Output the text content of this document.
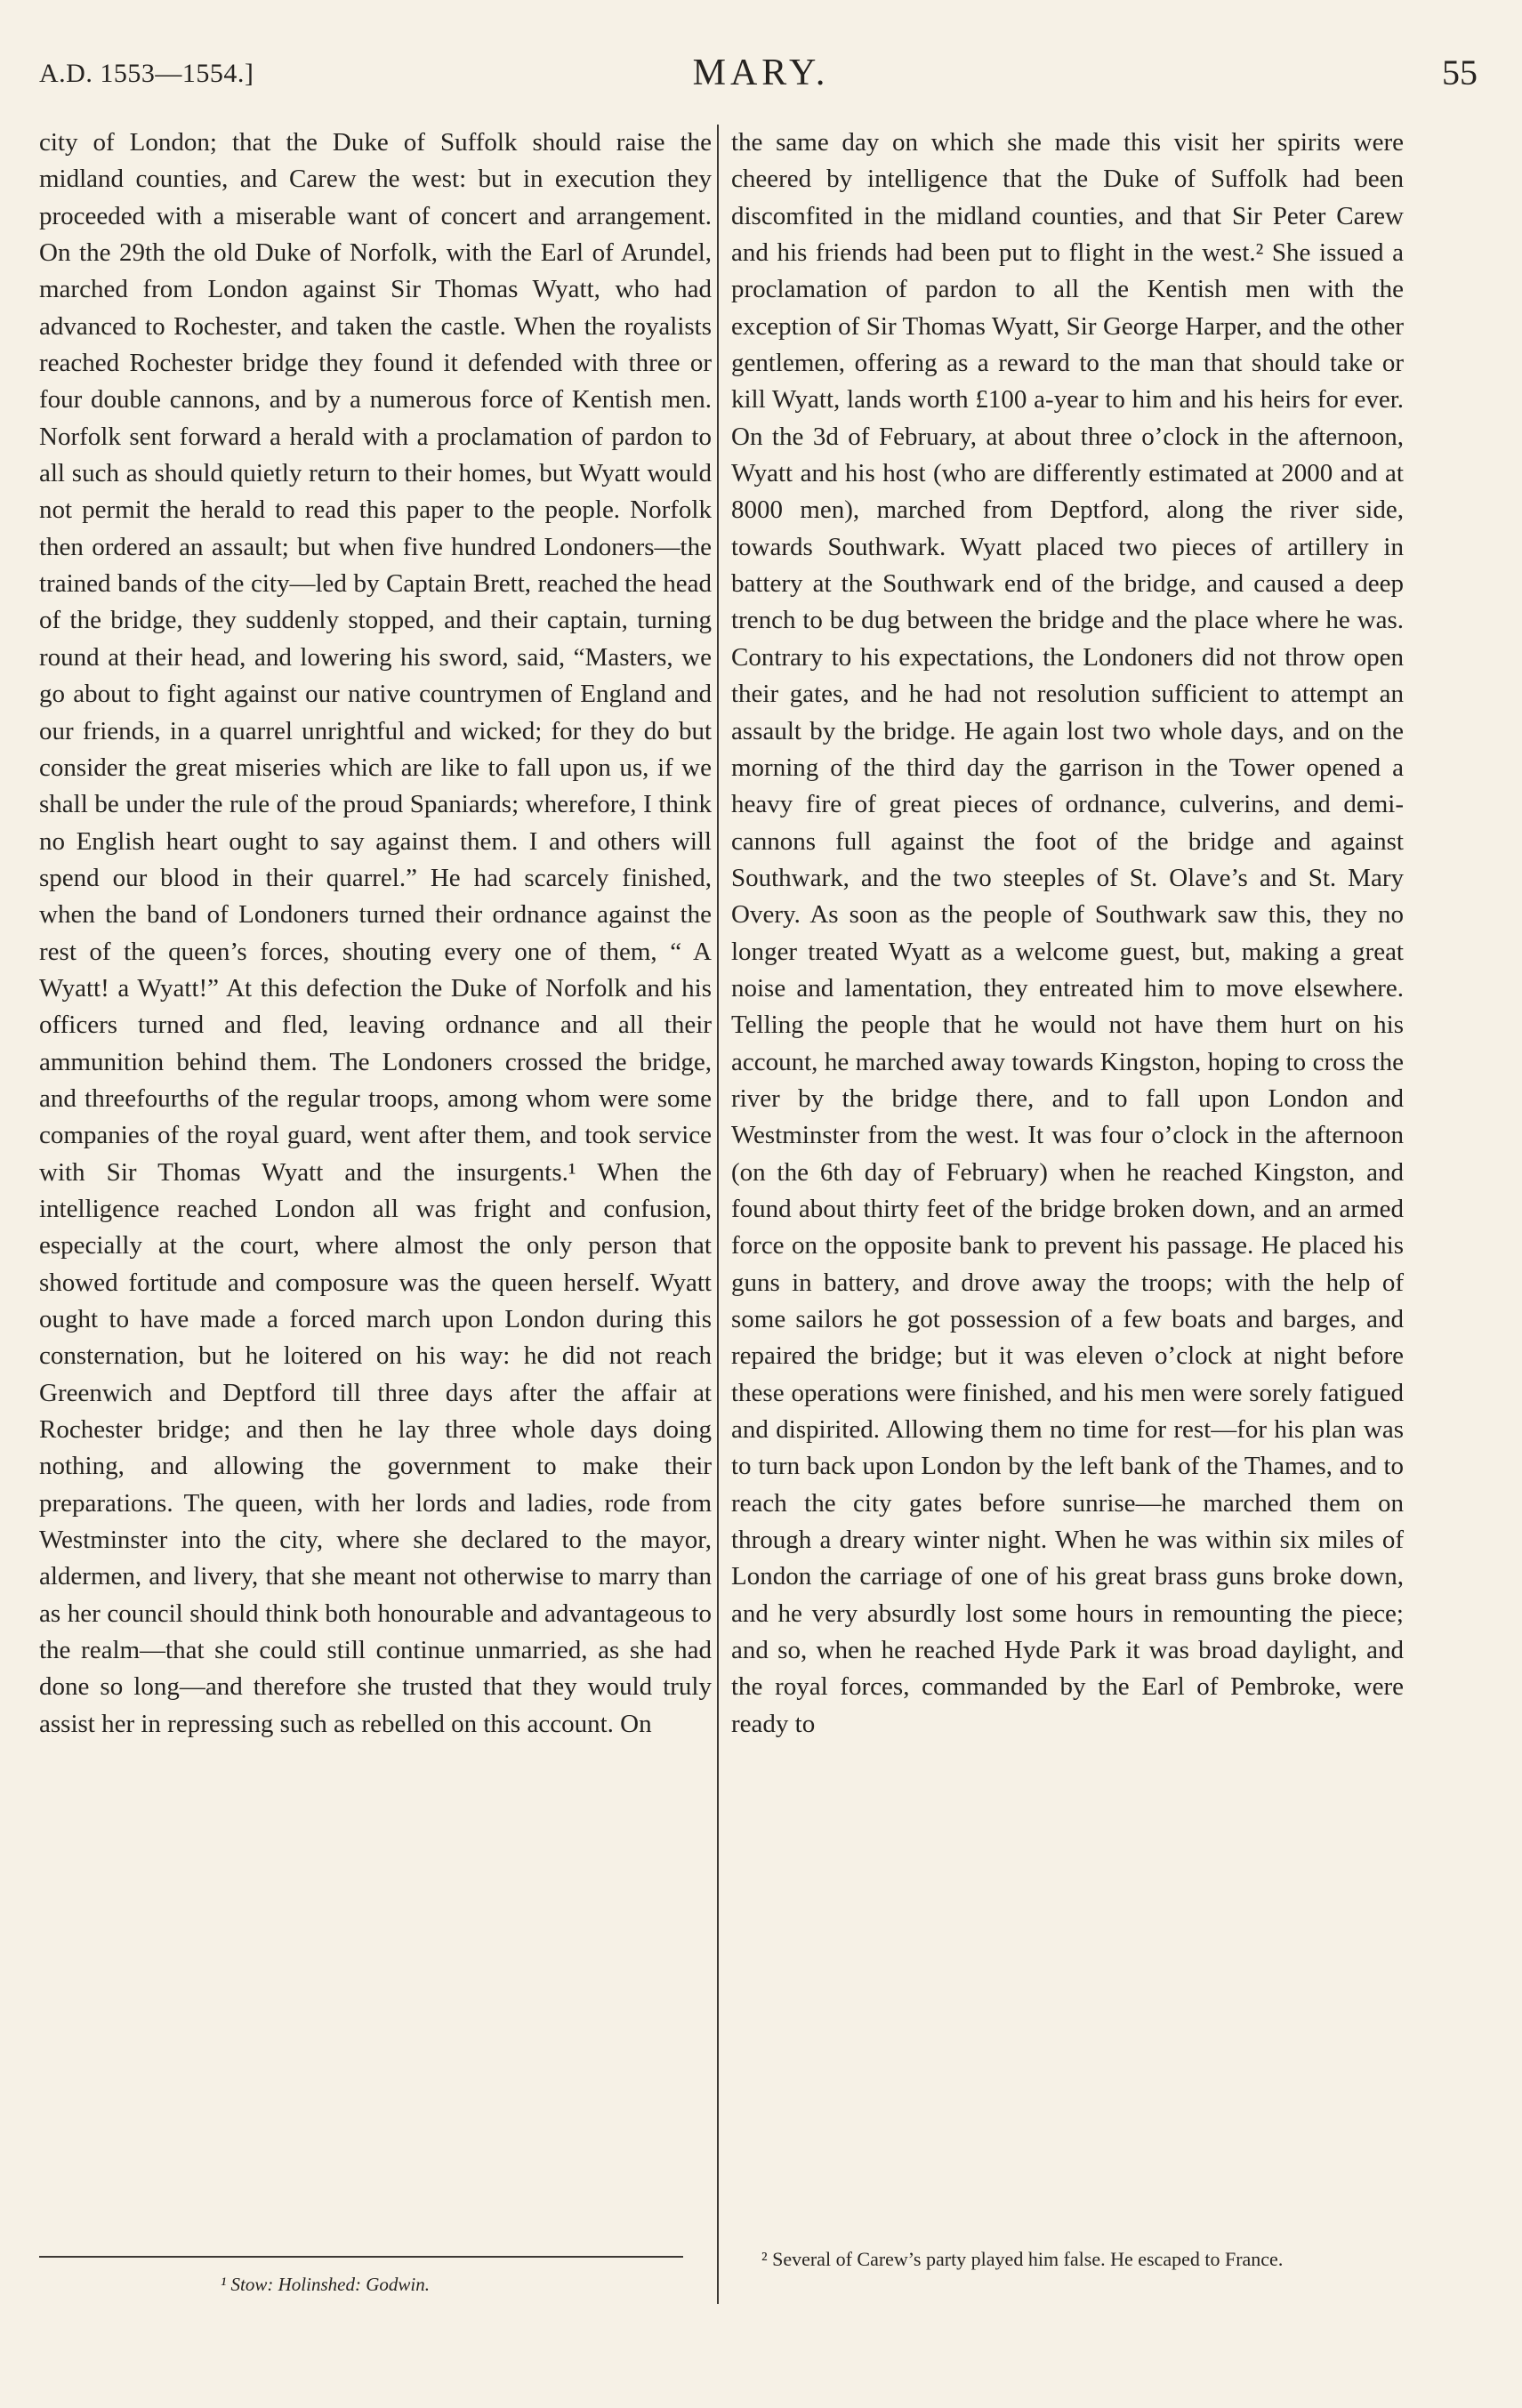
A.D. 1553—1554.]	MARY.	55

city of London; that the Duke of Suffolk should raise the midland counties, and Carew the west: but in execution they proceeded with a miserable want of concert and arrangement. On the 29th the old Duke of Norfolk, with the Earl of Arundel, marched from London against Sir Thomas Wyatt, who had advanced to Rochester, and taken the castle. When the royalists reached Rochester bridge they found it defended with three or four double cannons, and by a numerous force of Kentish men. Norfolk sent forward a herald with a proclamation of pardon to all such as should quietly return to their homes, but Wyatt would not permit the herald to read this paper to the people. Norfolk then ordered an assault; but when five hundred Londoners—the trained bands of the city—led by Captain Brett, reached the head of the bridge, they suddenly stopped, and their captain, turning round at their head, and lowering his sword, said, “Masters, we go about to fight against our native countrymen of England and our friends, in a quarrel unrightful and wicked; for they do but consider the great miseries which are like to fall upon us, if we shall be under the rule of the proud Spaniards; wherefore, I think no English heart ought to say against them. I and others will spend our blood in their quarrel.” He had scarcely finished, when the band of Londoners turned their ordnance against the rest of the queen’s forces, shouting every one of them, “ A Wyatt! a Wyatt!” At this defection the Duke of Norfolk and his officers turned and fled, leaving ordnance and all their ammunition behind them. The Londoners crossed the bridge, and threefourths of the regular troops, among whom were some companies of the royal guard, went after them, and took service with Sir Thomas Wyatt and the insurgents.¹ When the intelligence reached London all was fright and confusion, especially at the court, where almost the only person that showed fortitude and composure was the queen herself. Wyatt ought to have made a forced march upon London during this consternation, but he loitered on his way: he did not reach Greenwich and Deptford till three days after the affair at Rochester bridge; and then he lay three whole days doing nothing, and allowing the government to make their preparations. The queen, with her lords and ladies, rode from Westminster into the city, where she declared to the mayor, aldermen, and livery, that she meant not otherwise to marry than as her council should think both honourable and advantageous to the realm—that she could still continue unmarried, as she had done so long—and therefore she trusted that they would truly assist her in repressing such as rebelled on this account. On

the same day on which she made this visit her spirits were cheered by intelligence that the Duke of Suffolk had been discomfited in the midland counties, and that Sir Peter Carew and his friends had been put to flight in the west.² She issued a proclamation of pardon to all the Kentish men with the exception of Sir Thomas Wyatt, Sir George Harper, and the other gentlemen, offering as a reward to the man that should take or kill Wyatt, lands worth £100 a-year to him and his heirs for ever. On the 3d of February, at about three o’clock in the afternoon, Wyatt and his host (who are differently estimated at 2000 and at 8000 men), marched from Deptford, along the river side, towards Southwark. Wyatt placed two pieces of artillery in battery at the Southwark end of the bridge, and caused a deep trench to be dug between the bridge and the place where he was. Contrary to his expectations, the Londoners did not throw open their gates, and he had not resolution sufficient to attempt an assault by the bridge. He again lost two whole days, and on the morning of the third day the garrison in the Tower opened a heavy fire of great pieces of ordnance, culverins, and demi-cannons full against the foot of the bridge and against Southwark, and the two steeples of St. Olave’s and St. Mary Overy. As soon as the people of Southwark saw this, they no longer treated Wyatt as a welcome guest, but, making a great noise and lamentation, they entreated him to move elsewhere. Telling the people that he would not have them hurt on his account, he marched away towards Kingston, hoping to cross the river by the bridge there, and to fall upon London and Westminster from the west. It was four o’clock in the afternoon (on the 6th day of February) when he reached Kingston, and found about thirty feet of the bridge broken down, and an armed force on the opposite bank to prevent his passage. He placed his guns in battery, and drove away the troops; with the help of some sailors he got possession of a few boats and barges, and repaired the bridge; but it was eleven o’clock at night before these operations were finished, and his men were sorely fatigued and dispirited. Allowing them no time for rest—for his plan was to turn back upon London by the left bank of the Thames, and to reach the city gates before sunrise—he marched them on through a dreary winter night. When he was within six miles of London the carriage of one of his great brass guns broke down, and he very absurdly lost some hours in remounting the piece; and so, when he reached Hyde Park it was broad daylight, and the royal forces, commanded by the Earl of Pembroke, were ready to

¹ Stow: Holinshed: Godwin.
² Several of Carew’s party played him false. He escaped to France.
